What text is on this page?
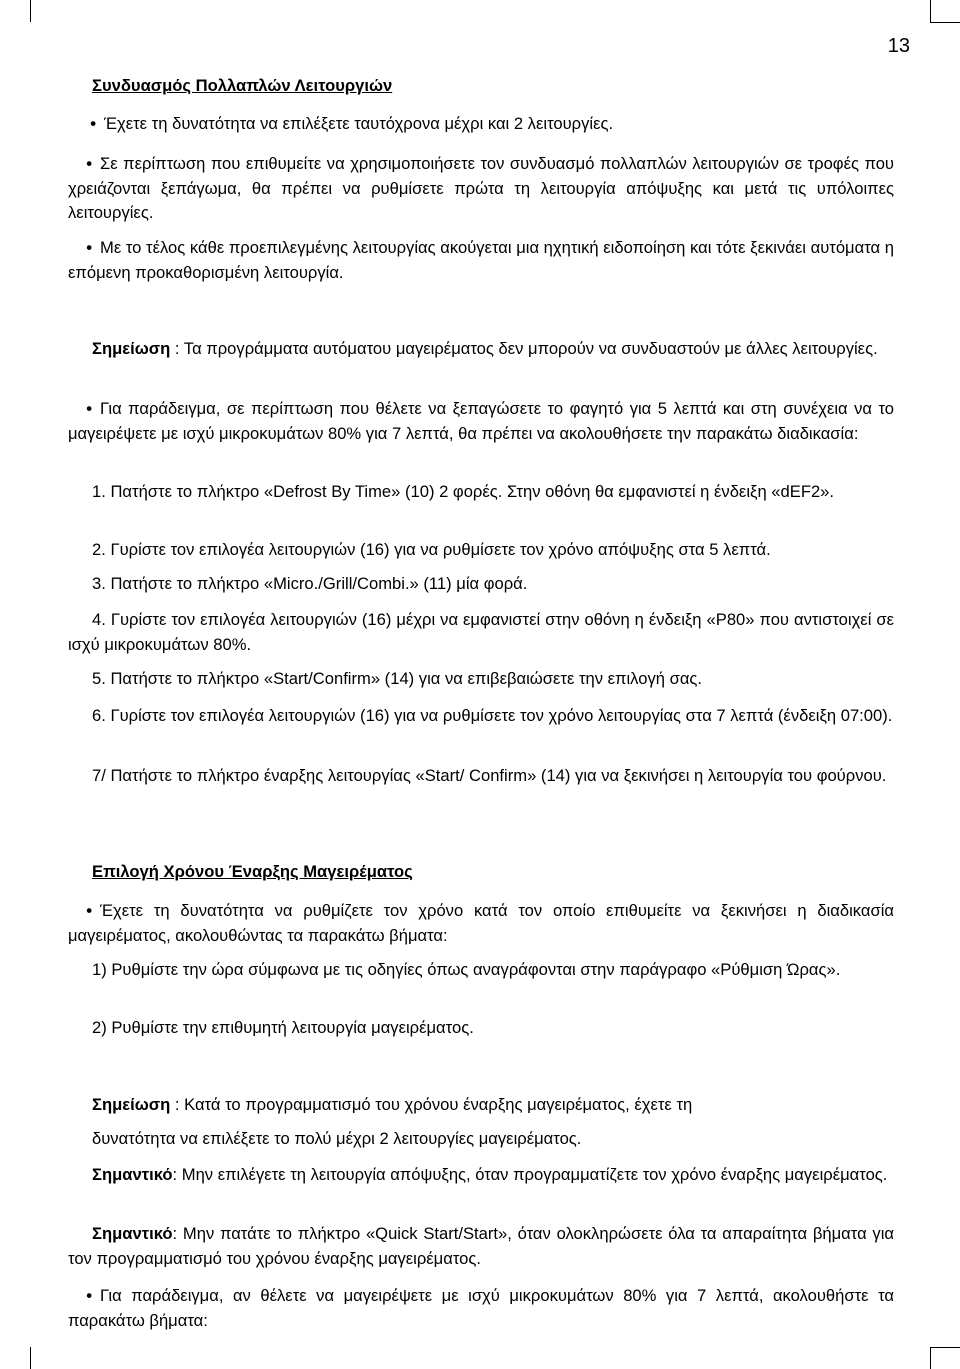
13

Συνδυασμός Πολλαπλών Λειτουργιών

• Έχετε τη δυνατότητα να επιλέξετε ταυτόχρονα μέχρι και 2 λειτουργίες.

• Σε περίπτωση που επιθυμείτε να χρησιμοποιήσετε τον συνδυασμό πολλαπλών λειτουργιών σε τροφές που χρειάζονται ξεπάγωμα, θα πρέπει να ρυθμίσετε πρώτα τη λειτουργία απόψυξης και μετά τις υπόλοιπες λειτουργίες.

• Με το τέλος κάθε προεπιλεγμένης λειτουργίας ακούγεται μια ηχητική ειδοποίηση και τότε ξεκινάει αυτόματα η επόμενη προκαθορισμένη λειτουργία.

Σημείωση : Τα προγράμματα αυτόματου μαγειρέματος δεν μπορούν να συνδυαστούν με άλλες λειτουργίες.

• Για παράδειγμα, σε περίπτωση που θέλετε να ξεπαγώσετε το φαγητό για 5 λεπτά και στη συνέχεια να το μαγειρέψετε με ισχύ μικροκυμάτων 80% για 7 λεπτά, θα πρέπει να ακολουθήσετε την παρακάτω διαδικασία:

1. Πατήστε το πλήκτρο «Defrost By Time» (10) 2 φορές. Στην οθόνη θα εμφανιστεί η ένδειξη «dEF2».

2. Γυρίστε τον επιλογέα λειτουργιών (16) για να ρυθμίσετε τον χρόνο απόψυξης στα 5 λεπτά.

3. Πατήστε το πλήκτρο «Micro./Grill/Combi.» (11) μία φορά.

4. Γυρίστε τον επιλογέα λειτουργιών (16) μέχρι να εμφανιστεί στην οθόνη η ένδειξη «P80» που αντιστοιχεί σε ισχύ μικροκυμάτων 80%.

5. Πατήστε το πλήκτρο «Start/Confirm» (14) για να επιβεβαιώσετε την επιλογή σας.

6. Γυρίστε τον επιλογέα λειτουργιών (16) για να ρυθμίσετε τον χρόνο λειτουργίας στα 7 λεπτά (ένδειξη 07:00).

7/ Πατήστε το πλήκτρο έναρξης λειτουργίας «Start/ Confirm» (14) για να ξεκινήσει η λειτουργία του φούρνου.

Επιλογή Χρόνου Έναρξης Μαγειρέματος

• Έχετε τη δυνατότητα να ρυθμίζετε τον χρόνο κατά τον οποίο επιθυμείτε να ξεκινήσει η διαδικασία μαγειρέματος, ακολουθώντας τα παρακάτω βήματα:

1) Ρυθμίστε την ώρα σύμφωνα με τις οδηγίες όπως αναγράφονται στην παράγραφο «Ρύθμιση Ώρας».

2) Ρυθμίστε την επιθυμητή λειτουργία μαγειρέματος.

Σημείωση : Κατά το προγραμματισμό του χρόνου έναρξης μαγειρέματος, έχετε τη

δυνατότητα να επιλέξετε το πολύ μέχρι 2 λειτουργίες μαγειρέματος.

Σημαντικό: Μην επιλέγετε τη λειτουργία απόψυξης, όταν προγραμματίζετε τον χρόνο έναρξης μαγειρέματος.

Σημαντικό: Μην πατάτε το πλήκτρο «Quick Start/Start», όταν ολοκληρώσετε όλα τα απαραίτητα βήματα για τον προγραμματισμό του χρόνου έναρξης μαγειρέματος.

• Για παράδειγμα, αν θέλετε να μαγειρέψετε με ισχύ μικροκυμάτων 80% για 7 λεπτά, ακολουθήστε τα παρακάτω βήματα:
